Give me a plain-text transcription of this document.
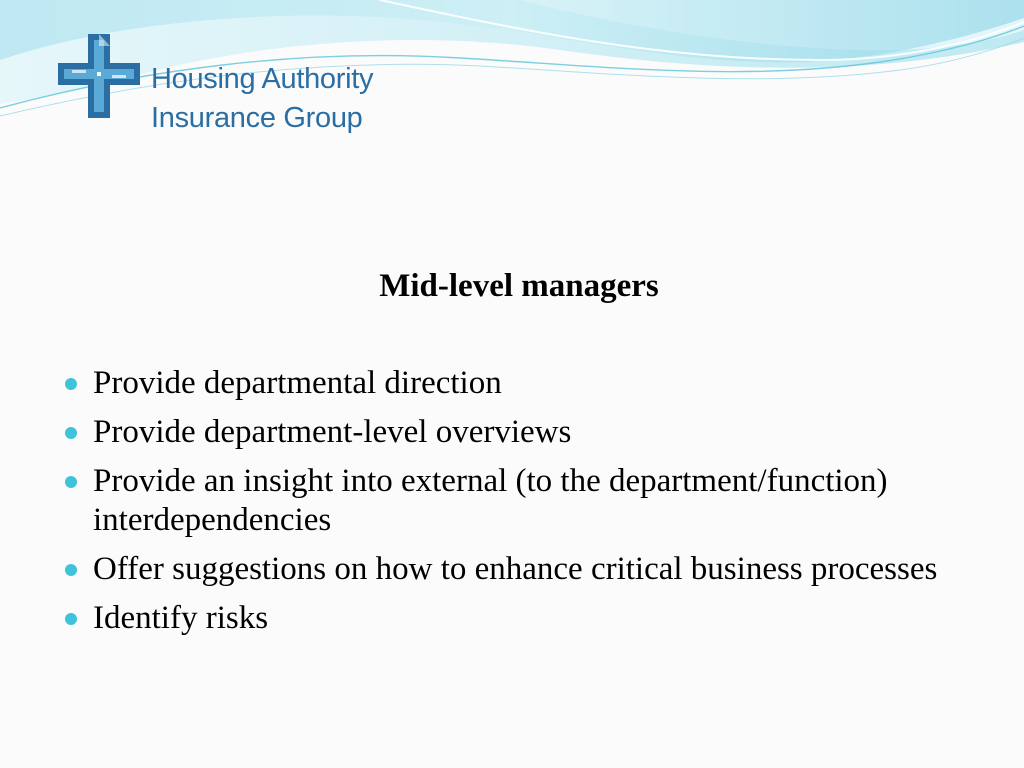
Housing Authority
Insurance Group
Mid-level managers
Provide departmental direction
Provide department-level overviews
Provide an insight into external (to the department/function) interdependencies
Offer suggestions on how to enhance critical business processes
Identify risks
